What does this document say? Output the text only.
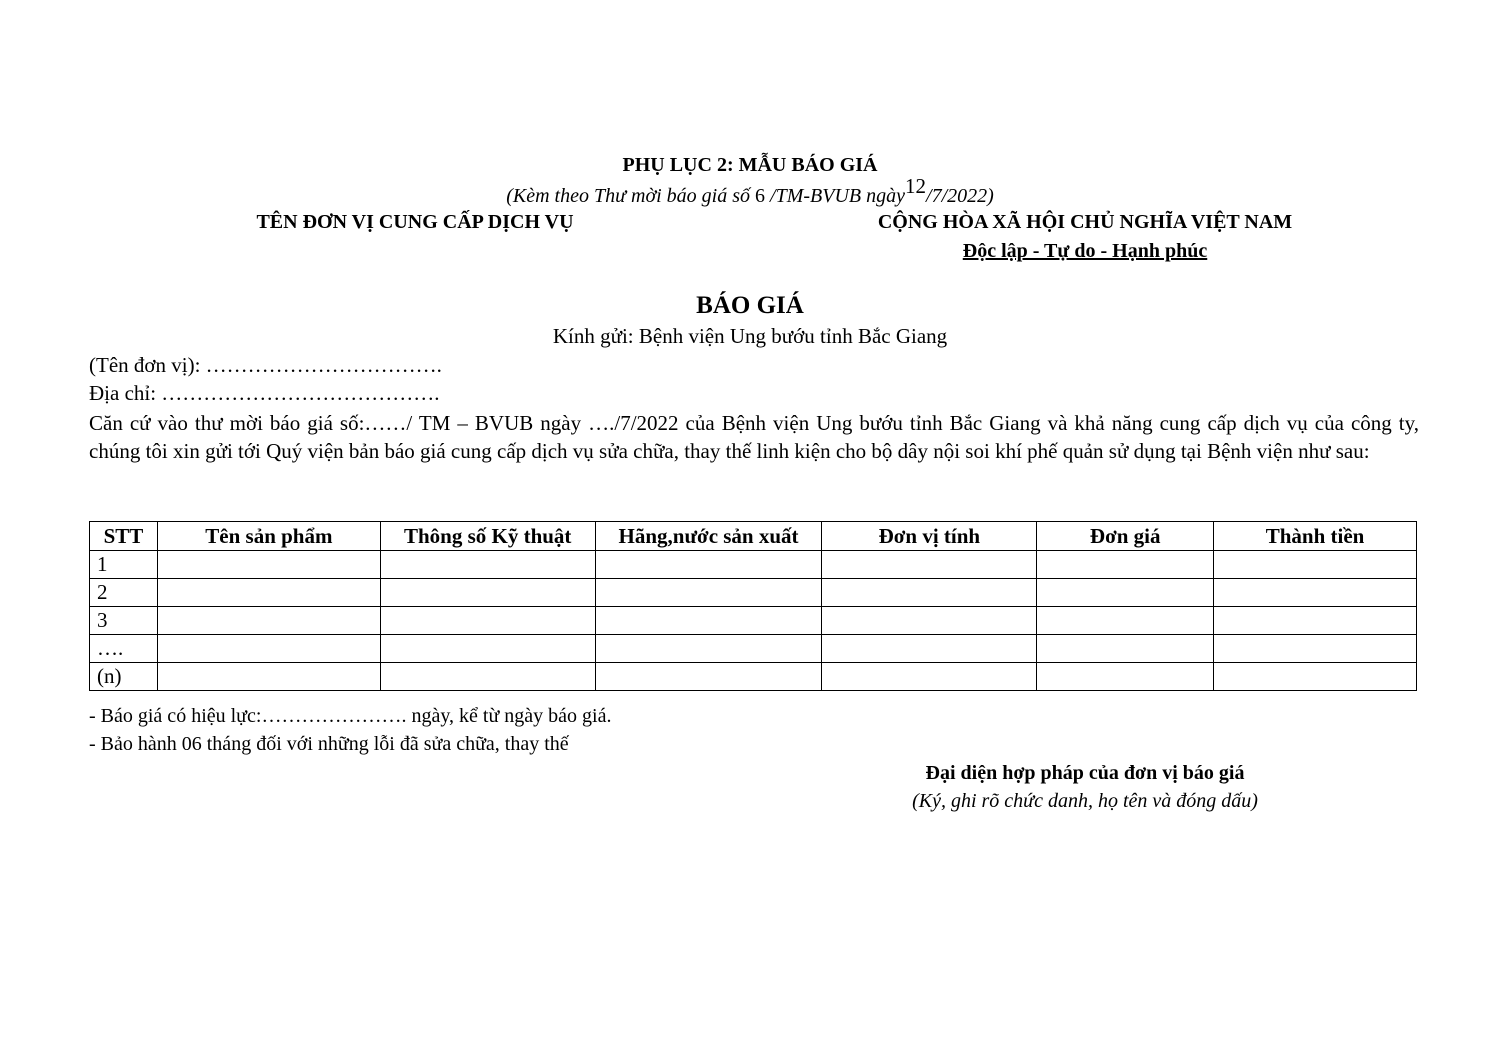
PHỤ LỤC 2: MẪU BÁO GIÁ
(Kèm theo Thư mời báo giá số 6 /TM-BVUB ngày12/7/2022)
TÊN ĐƠN VỊ CUNG CẤP DỊCH VỤ	CỘNG HÒA XÃ HỘI CHỦ NGHĨA VIỆT NAM
Độc lập - Tự do - Hạnh phúc
BÁO GIÁ
Kính gửi: Bệnh viện Ung bướu tỉnh Bắc Giang
(Tên đơn vị): …………………………….
Địa chỉ: ………………………………….
Căn cứ vào thư mời báo giá số:……/ TM – BVUB ngày …./7/2022 của Bệnh viện Ung bướu tỉnh Bắc Giang và khả năng cung cấp dịch vụ của công ty, chúng tôi xin gửi tới Quý viện bản báo giá cung cấp dịch vụ sửa chữa, thay thế linh kiện cho bộ dây nội soi khí phế quản sử dụng tại Bệnh viện như sau:
STT	Tên sản phẩm	Thông số Kỹ thuật	Hãng,nước sản xuất	Đơn vị tính	Đơn giá	Thành tiền
1						
2						
3						
….						
(n)						
- Báo giá có hiệu lực:…………………. ngày, kể từ ngày báo giá.
- Bảo hành 06 tháng đối với những lỗi đã sửa chữa, thay thế
Đại diện hợp pháp của đơn vị báo giá
(Ký, ghi rõ chức danh, họ tên và đóng dấu)
